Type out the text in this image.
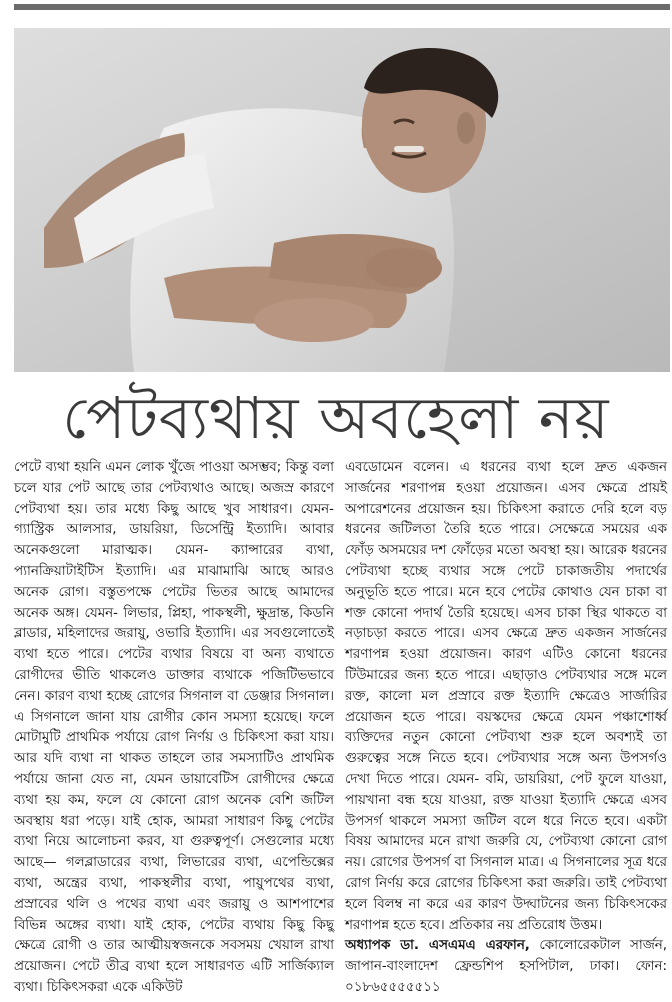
পেটব্যথায় অবহেলা নয়

পেটে ব্যথা হয়নি এমন লোক খুঁজে পাওয়া অসম্ভব; কিন্তু বলা চলে যার পেট আছে তার পেটব্যথাও আছে। অজস্র কারণে পেটব্যথা হয়। তার মধ্যে কিছু আছে খুব সাধারণ। যেমন- গ্যাস্ট্রিক আলসার, ডায়রিয়া, ডিসেন্ট্রি ইত্যাদি। আবার অনেকগুলো মারাত্মক। যেমন- ক্যান্সারের ব্যথা, প্যানক্রিয়াটাইটিস ইত্যাদি। এর মাঝামাঝি আছে আরও অনেক রোগ। বস্তুতপক্ষে পেটের ভিতর আছে আমাদের অনেক অঙ্গ। যেমন- লিভার, প্লিহা, পাকস্থলী, ক্ষুদ্রান্ত, কিডনি ব্লাডার, মহিলাদের জরায়ু, ওভারি ইত্যাদি। এর সবগুলোতেই ব্যথা হতে পারে। পেটের ব্যথার বিষয়ে বা অন্য ব্যথাতে রোগীদের ভীতি থাকলেও ডাক্তার ব্যথাকে পজিটিভভাবে নেন। কারণ ব্যথা হচ্ছে রোগের সিগনাল বা ডেঞ্জার সিগনাল। এ সিগনালে জানা যায় রোগীর কোন সমস্যা হয়েছে। ফলে মোটামুটি প্রাথমিক পর্যায়ে রোগ নির্ণয় ও চিকিৎসা করা যায়। আর যদি ব্যথা না থাকত তাহলে তার সমস্যাটিও প্রাথমিক পর্যায়ে জানা যেত না, যেমন ডায়াবেটিস রোগীদের ক্ষেত্রে ব্যথা হয় কম, ফলে যে কোনো রোগ অনেক বেশি জটিল অবস্থায় ধরা পড়ে। যাই হোক, আমরা সাধারণ কিছু পেটের ব্যথা নিয়ে আলোচনা করব, যা গুরুত্বপূর্ণ। সেগুলোর মধ্যে আছে— গলব্লাডারের ব্যথা, লিভারের ব্যথা, এপেন্ডিক্সের ব্যথা, অন্ত্রের ব্যথা, পাকস্থলীর ব্যথা, পায়ুপথের ব্যথা, প্রস্রাবের থলি ও পথের ব্যথা এবং জরায়ু ও আশপাশের বিভিন্ন অঙ্গের ব্যথা। যাই হোক, পেটের ব্যথায় কিছু কিছু ক্ষেত্রে রোগী ও তার আত্মীয়স্বজনকে সবসময় খেয়াল রাখা প্রয়োজন। পেটে তীব্র ব্যথা হলে সাধারণত এটি সার্জিক্যাল ব্যথা। চিকিৎসকরা একে একিউট

এবডোমেন বলেন। এ ধরনের ব্যথা হলে দ্রুত একজন সার্জনের শরণাপন্ন হওয়া প্রয়োজন। এসব ক্ষেত্রে প্রায়ই অপারেশনের প্রয়োজন হয়। চিকিৎসা করাতে দেরি হলে বড় ধরনের জটিলতা তৈরি হতে পারে। সেক্ষেত্রে সময়ের এক ফোঁড় অসময়ের দশ ফোঁড়ের মতো অবস্থা হয়। আরেক ধরনের পেটব্যথা হচ্ছে ব্যথার সঙ্গে পেটে চাকাজতীয় পদার্থের অনুভূতি হতে পারে। মনে হবে পেটের কোথাও যেন চাকা বা শক্ত কোনো পদার্থ তৈরি হয়েছে। এসব চাকা স্থির থাকতে বা নড়াচড়া করতে পারে। এসব ক্ষেত্রে দ্রুত একজন সার্জনের শরণাপন্ন হওয়া প্রয়োজন। কারণ এটিও কোনো ধরনের টিউমারের জন্য হতে পারে। এছাড়াও পেটব্যথার সঙ্গে মলে রক্ত, কালো মল প্রস্রাবে রক্ত ইত্যাদি ক্ষেত্রেও সার্জারির প্রয়োজন হতে পারে। বয়স্কদের ক্ষেত্রে যেমন পঞ্চাশোর্ধ্ব ব্যক্তিদের নতুন কোনো পেটব্যথা শুরু হলে অবশ্যই তা গুরুত্বের সঙ্গে নিতে হবে। পেটব্যথার সঙ্গে অন্য উপসর্গও দেখা দিতে পারে। যেমন- বমি, ডায়রিয়া, পেট ফুলে যাওয়া, পায়খানা বন্ধ হয়ে যাওয়া, রক্ত যাওয়া ইত্যাদি ক্ষেত্রে এসব উপসর্গ থাকলে সমস্যা জটিল বলে ধরে নিতে হবে। একটা বিষয় আমাদের মনে রাখা জরুরি যে, পেটব্যথা কোনো রোগ নয়। রোগের উপসর্গ বা সিগনাল মাত্র। এ সিগনালের সূত্র ধরে রোগ নির্ণয় করে রোগের চিকিৎসা করা জরুরি। তাই পেটব্যথা হলে বিলম্ব না করে এর কারণ উদ্ঘাটনের জন্য চিকিৎসকের শরণাপন্ন হতে হবে। প্রতিকার নয় প্রতিরোধ উত্তম।

অধ্যাপক ডা. এসএমএ এরফান, কোলোরেকটাল সার্জন, জাপান-বাংলাদেশ ফ্রেন্ডশিপ হসপিটাল, ঢাকা। ফোন: ০১৮৬৫৫৫৫৫১১
